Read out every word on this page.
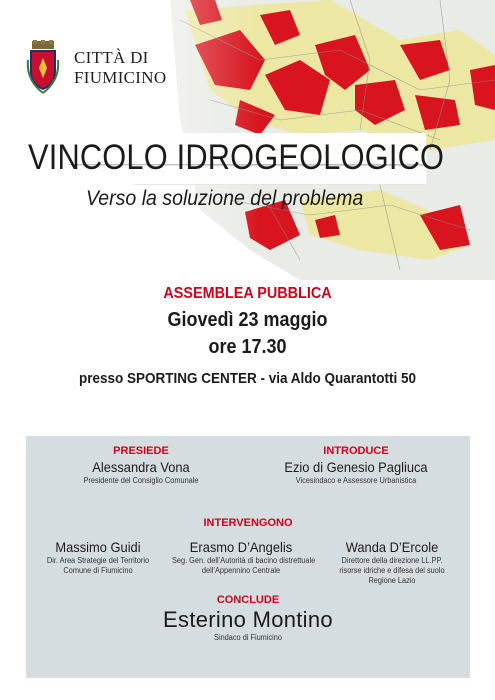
CITTÀ DI
FIUMICINO
VINCOLO IDROGEOLOGICO
Verso la soluzione del problema
ASSEMBLEA PUBBLICA
Giovedì 23 maggio
ore 17.30
presso SPORTING CENTER - via Aldo Quarantotti 50
PRESIEDE
Alessandra Vona
Presidente del Consiglio Comunale
INTRODUCE
Ezio di Genesio Pagliuca
Vicesindaco e Assessore Urbanistica
INTERVENGONO
Massimo Guidi
Dir. Area Strategie del Territorio
Comune di Fiumicino
Erasmo D’Angelis
Seg. Gen. dell’Autorità di bacino distrettuale
dell’Appennino Centrale
Wanda D’Ercole
Direttore della direzione LL.PP.
risorse idriche e difesa del suolo
Regione Lazio
CONCLUDE
Esterino Montino
Sindaco di Fiumicino
